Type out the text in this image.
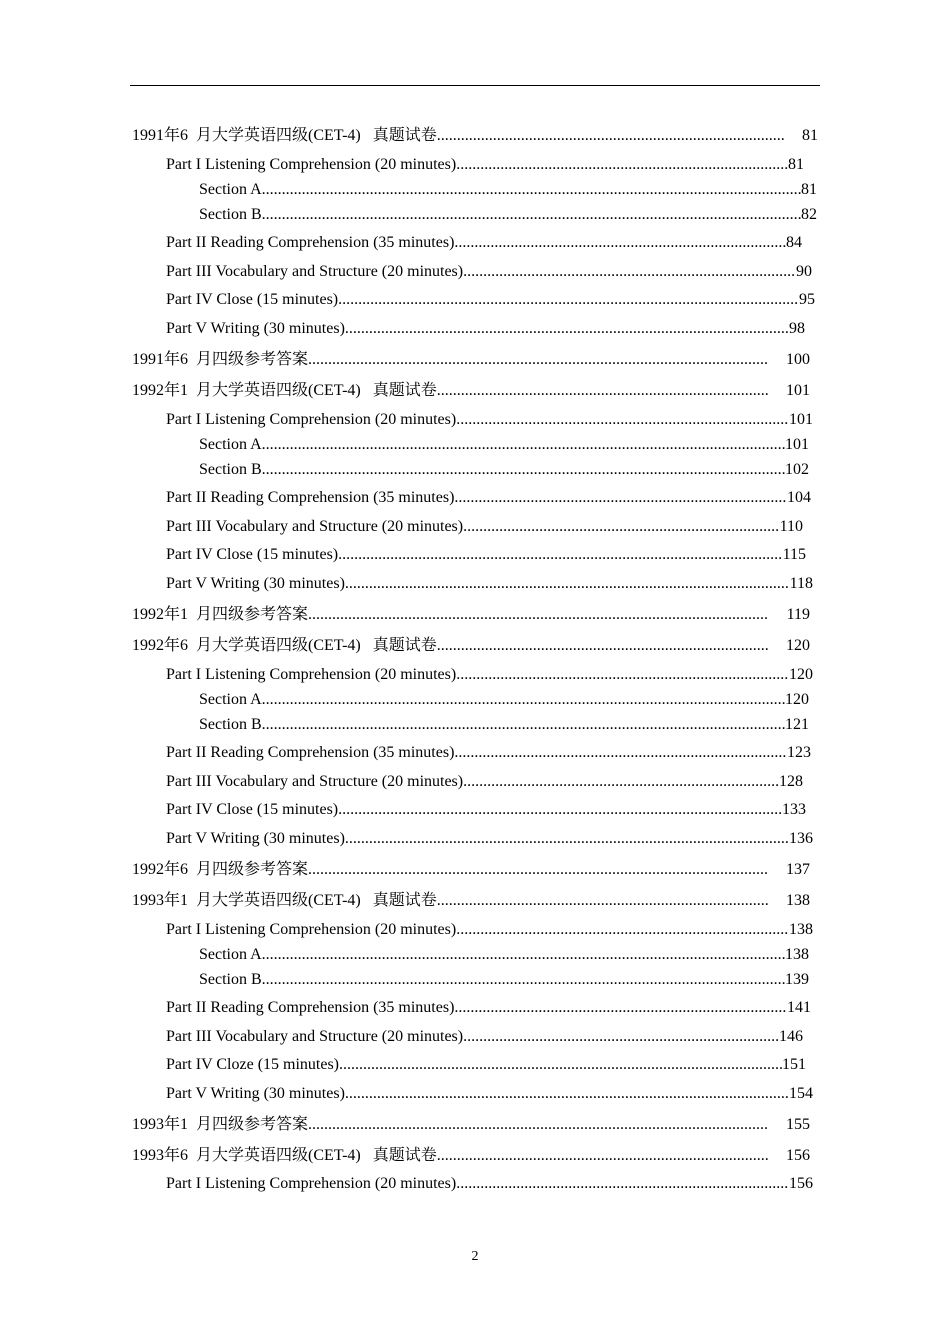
1991年6  月大学英语四级(CET-4)   真题试卷 .....	81
Part I Listening Comprehension (20 minutes) .....	81
Section A .....	81
Section B .....	82
Part II Reading Comprehension (35 minutes) .....	84
Part III Vocabulary and Structure (20 minutes) .....	90
Part IV Close (15 minutes) .....	95
Part V Writing (30 minutes) .....	98
1991年6  月四级参考答案 .....	100
1992年1  月大学英语四级(CET-4)   真题试卷 .....	101
Part I Listening Comprehension (20 minutes) .....	101
Section A .....	101
Section B .....	102
Part II Reading Comprehension (35 minutes) .....	104
Part III Vocabulary and Structure (20 minutes) .....	110
Part IV Close (15 minutes) .....	115
Part V Writing (30 minutes) .....	118
1992年1  月四级参考答案 .....	119
1992年6  月大学英语四级(CET-4)   真题试卷 .....	120
Part I Listening Comprehension (20 minutes) .....	120
Section A .....	120
Section B .....	121
Part II Reading Comprehension (35 minutes) .....	123
Part III Vocabulary and Structure (20 minutes) .....	128
Part IV Close (15 minutes) .....	133
Part V Writing (30 minutes) .....	136
1992年6  月四级参考答案 .....	137
1993年1  月大学英语四级(CET-4)   真题试卷 .....	138
Part I Listening Comprehension (20 minutes) .....	138
Section A .....	138
Section B .....	139
Part II Reading Comprehension (35 minutes) .....	141
Part III Vocabulary and Structure (20 minutes) .....	146
Part IV Cloze (15 minutes) .....	151
Part V Writing (30 minutes) .....	154
1993年1  月四级参考答案 .....	155
1993年6  月大学英语四级(CET-4)   真题试卷 .....	156
Part I Listening Comprehension (20 minutes) .....	156
2
